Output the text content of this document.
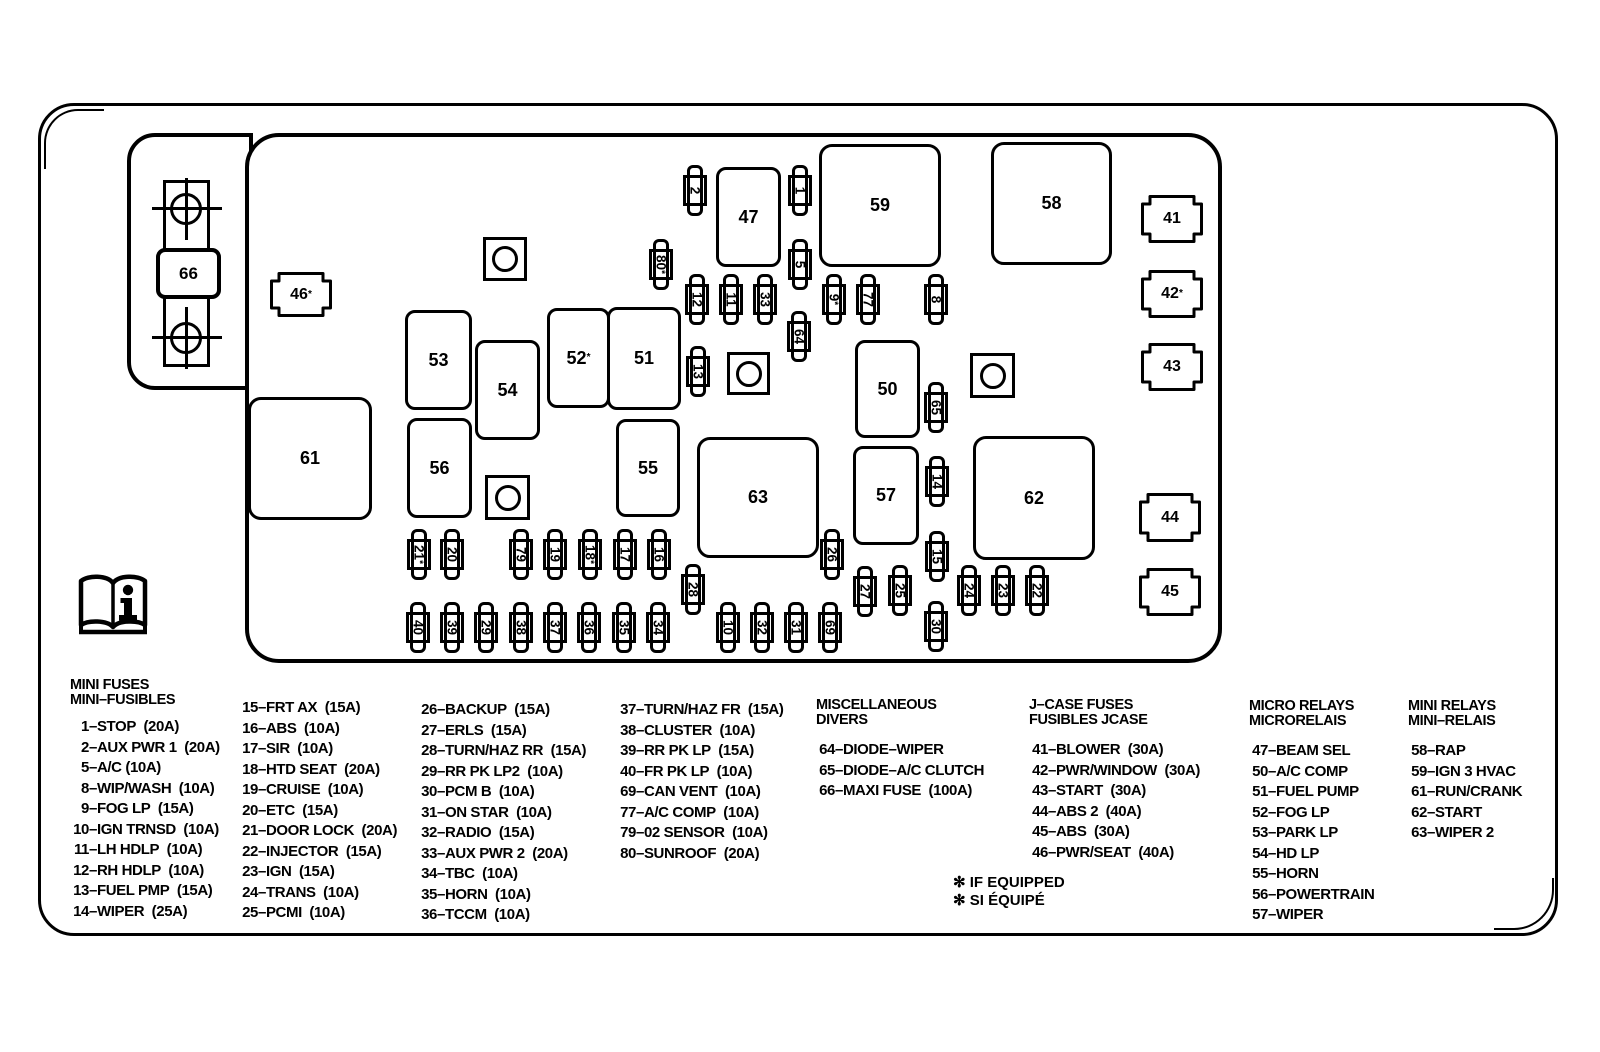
66
47
59	58
53
54
52 * 51
61	56	55
63
50
57	62
46 *
41
42 *
43
44
45
2	1
80
*
5
12 11 33	9
* 77	8
64
13
65
14
15
21
* 20	79 19 18
* 17 16	26
28	27 25	24 23 22
40 39 29 38 37 36 35 34	10 32 31 69	30
MINI FUSES
MINI–FUSIBLES
1–STOP  (20A)
2–AUX PWR 1  (20A)
5–A/C (10A)
8–WIP/WASH  (10A)
9–FOG LP  (15A)
10–IGN TRNSD  (10A)
11–LH HDLP  (10A)
12–RH HDLP  (10A)
13–FUEL PMP  (15A)
14–WIPER  (25A)
15–FRT AX  (15A)
16–ABS  (10A)
17–SIR  (10A)
18–HTD SEAT  (20A)
19–CRUISE  (10A)
20–ETC  (15A)
21–DOOR LOCK  (20A)
22–INJECTOR  (15A)
23–IGN  (15A)
24–TRANS  (10A)
25–PCMI  (10A)
26–BACKUP  (15A)
27–ERLS  (15A)
28–TURN/HAZ RR  (15A)
29–RR PK LP2  (10A)
30–PCM B  (10A)
31–ON STAR  (10A)
32–RADIO  (15A)
33–AUX PWR 2  (20A)
34–TBC  (10A)
35–HORN  (10A)
36–TCCM  (10A)
37–TURN/HAZ FR  (15A)
38–CLUSTER  (10A)
39–RR PK LP  (15A)
40–FR PK LP  (10A)
69–CAN VENT  (10A)
77–A/C COMP  (10A)
79–02 SENSOR  (10A)
80–SUNROOF  (20A)
MISCELLANEOUS
DIVERS
64–DIODE–WIPER
65–DIODE–A/C CLUTCH
66–MAXI FUSE  (100A)
J–CASE FUSES
FUSIBLES JCASE
41–BLOWER  (30A)
42–PWR/WINDOW  (30A)
43–START  (30A)
44–ABS 2  (40A)
45–ABS  (30A)
46–PWR/SEAT  (40A)
MICRO RELAYS
MICRORELAIS
47–BEAM SEL
50–A/C COMP
51–FUEL PUMP
52–FOG LP
53–PARK LP
54–HD LP
55–HORN
56–POWERTRAIN
57–WIPER
MINI RELAYS
MINI–RELAIS
58–RAP
59–IGN 3 HVAC
61–RUN/CRANK
62–START
63–WIPER 2
✻ IF EQUIPPED
✻ SI ÉQUIPÉ
